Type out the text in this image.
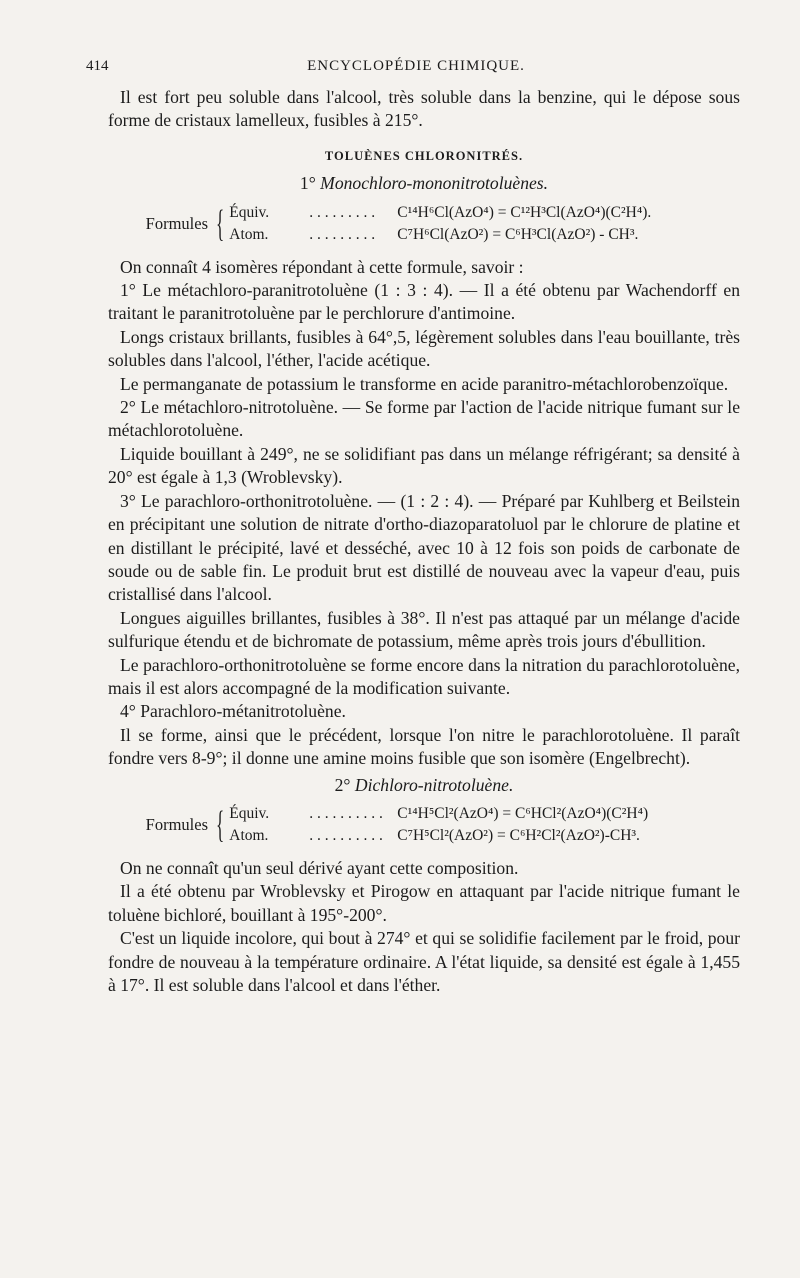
414	ENCYCLOPÉDIE CHIMIQUE.

Il est fort peu soluble dans l'alcool, très soluble dans la benzine, qui le dépose sous forme de cristaux lamelleux, fusibles à 215°.

TOLUÈNES CHLORONITRÉS.
1° Monochloro-mononitrotoluènes.
Formules { Équiv.	. . . . . . . . .	C¹⁴H⁶Cl(AzO⁴) = C¹²H³Cl(AzO⁴)(C²H⁴).
Atom.	. . . . . . . . .	C⁷H⁶Cl(AzO²) = C⁶H³Cl(AzO²) - CH³.

On connaît 4 isomères répondant à cette formule, savoir :

1° Le métachloro-paranitrotoluène (1 : 3 : 4). — Il a été obtenu par Wachendorff en traitant le paranitrotoluène par le perchlorure d'antimoine.

Longs cristaux brillants, fusibles à 64°,5, légèrement solubles dans l'eau bouillante, très solubles dans l'alcool, l'éther, l'acide acétique.

Le permanganate de potassium le transforme en acide paranitro-métachlorobenzoïque.

2° Le métachloro-nitrotoluène. — Se forme par l'action de l'acide nitrique fumant sur le métachlorotoluène.

Liquide bouillant à 249°, ne se solidifiant pas dans un mélange réfrigérant; sa densité à 20° est égale à 1,3 (Wroblevsky).

3° Le parachloro-orthonitrotoluène. — (1 : 2 : 4). — Préparé par Kuhlberg et Beilstein en précipitant une solution de nitrate d'ortho-diazoparatoluol par le chlorure de platine et en distillant le précipité, lavé et desséché, avec 10 à 12 fois son poids de carbonate de soude ou de sable fin. Le produit brut est distillé de nouveau avec la vapeur d'eau, puis cristallisé dans l'alcool.

Longues aiguilles brillantes, fusibles à 38°. Il n'est pas attaqué par un mélange d'acide sulfurique étendu et de bichromate de potassium, même après trois jours d'ébullition.

Le parachloro-orthonitrotoluène se forme encore dans la nitration du parachlorotoluène, mais il est alors accompagné de la modification suivante.

4° Parachloro-métanitrotoluène.

Il se forme, ainsi que le précédent, lorsque l'on nitre le parachlorotoluène. Il paraît fondre vers 8-9°; il donne une amine moins fusible que son isomère (Engelbrecht).

2° Dichloro-nitrotoluène.
Formules { Équiv.	. . . . . . . . . . C¹⁴H⁵Cl²(AzO⁴) = C⁶HCl²(AzO⁴)(C²H⁴)
Atom.	. . . . . . . . . . C⁷H⁵Cl²(AzO²) = C⁶H²Cl²(AzO²)-CH³.

On ne connaît qu'un seul dérivé ayant cette composition.

Il a été obtenu par Wroblevsky et Pirogow en attaquant par l'acide nitrique fumant le toluène bichloré, bouillant à 195°-200°.

C'est un liquide incolore, qui bout à 274° et qui se solidifie facilement par le froid, pour fondre de nouveau à la température ordinaire. A l'état liquide, sa densité est égale à 1,455 à 17°. Il est soluble dans l'alcool et dans l'éther.
